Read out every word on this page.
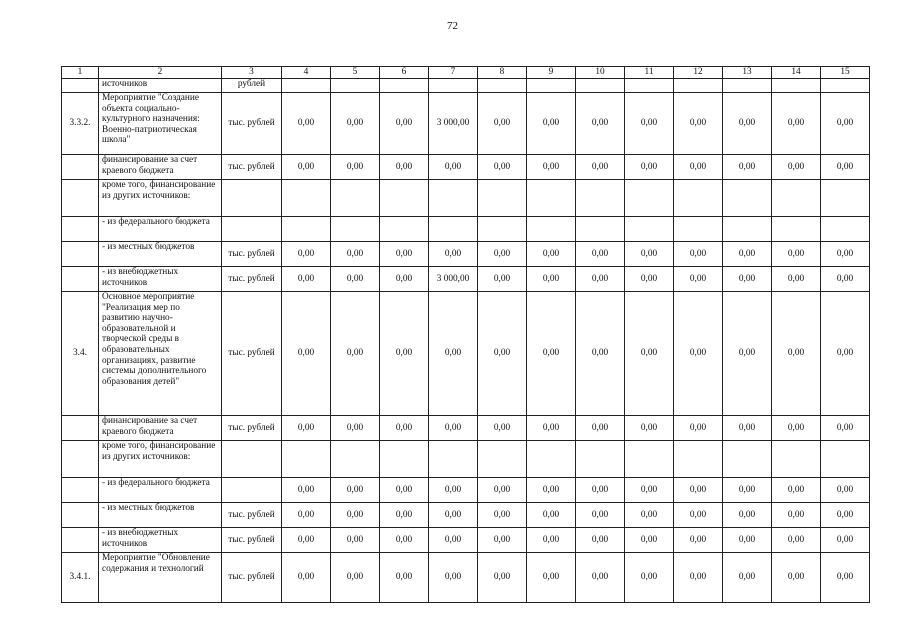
72
1	2	3	4	5	6	7	8	9	10	11	12	13	14	15
	источников	рублей												
3.3.2.	Мероприятие "Создание объекта социально-культурного назначения: Военно-патриотическая школа"	тыс. рублей	0,00	0,00	0,00	3 000,00	0,00	0,00	0,00	0,00	0,00	0,00	0,00	0,00
	финансирование за счет краевого бюджета	тыс. рублей	0,00	0,00	0,00	0,00	0,00	0,00	0,00	0,00	0,00	0,00	0,00	0,00
	кроме того, финансирование из других источников:													
	- из федерального бюджета													
	- из местных бюджетов	тыс. рублей	0,00	0,00	0,00	0,00	0,00	0,00	0,00	0,00	0,00	0,00	0,00	0,00
	- из внебюджетных источников	тыс. рублей	0,00	0,00	0,00	3 000,00	0,00	0,00	0,00	0,00	0,00	0,00	0,00	0,00
3.4.	Основное мероприятие "Реализация мер по развитию научно-образовательной и творческой среды в образовательных организациях, развитие системы дополнительного образования детей"	тыс. рублей	0,00	0,00	0,00	0,00	0,00	0,00	0,00	0,00	0,00	0,00	0,00	0,00
	финансирование за счет краевого бюджета	тыс. рублей	0,00	0,00	0,00	0,00	0,00	0,00	0,00	0,00	0,00	0,00	0,00	0,00
	кроме того, финансирование из других источников:													
	- из федерального бюджета		0,00	0,00	0,00	0,00	0,00	0,00	0,00	0,00	0,00	0,00	0,00	0,00
	- из местных бюджетов	тыс. рублей	0,00	0,00	0,00	0,00	0,00	0,00	0,00	0,00	0,00	0,00	0,00	0,00
	- из внебюджетных источников	тыс. рублей	0,00	0,00	0,00	0,00	0,00	0,00	0,00	0,00	0,00	0,00	0,00	0,00
3.4.1.	Мероприятие "Обновление содержания и технологий	тыс. рублей	0,00	0,00	0,00	0,00	0,00	0,00	0,00	0,00	0,00	0,00	0,00	0,00
